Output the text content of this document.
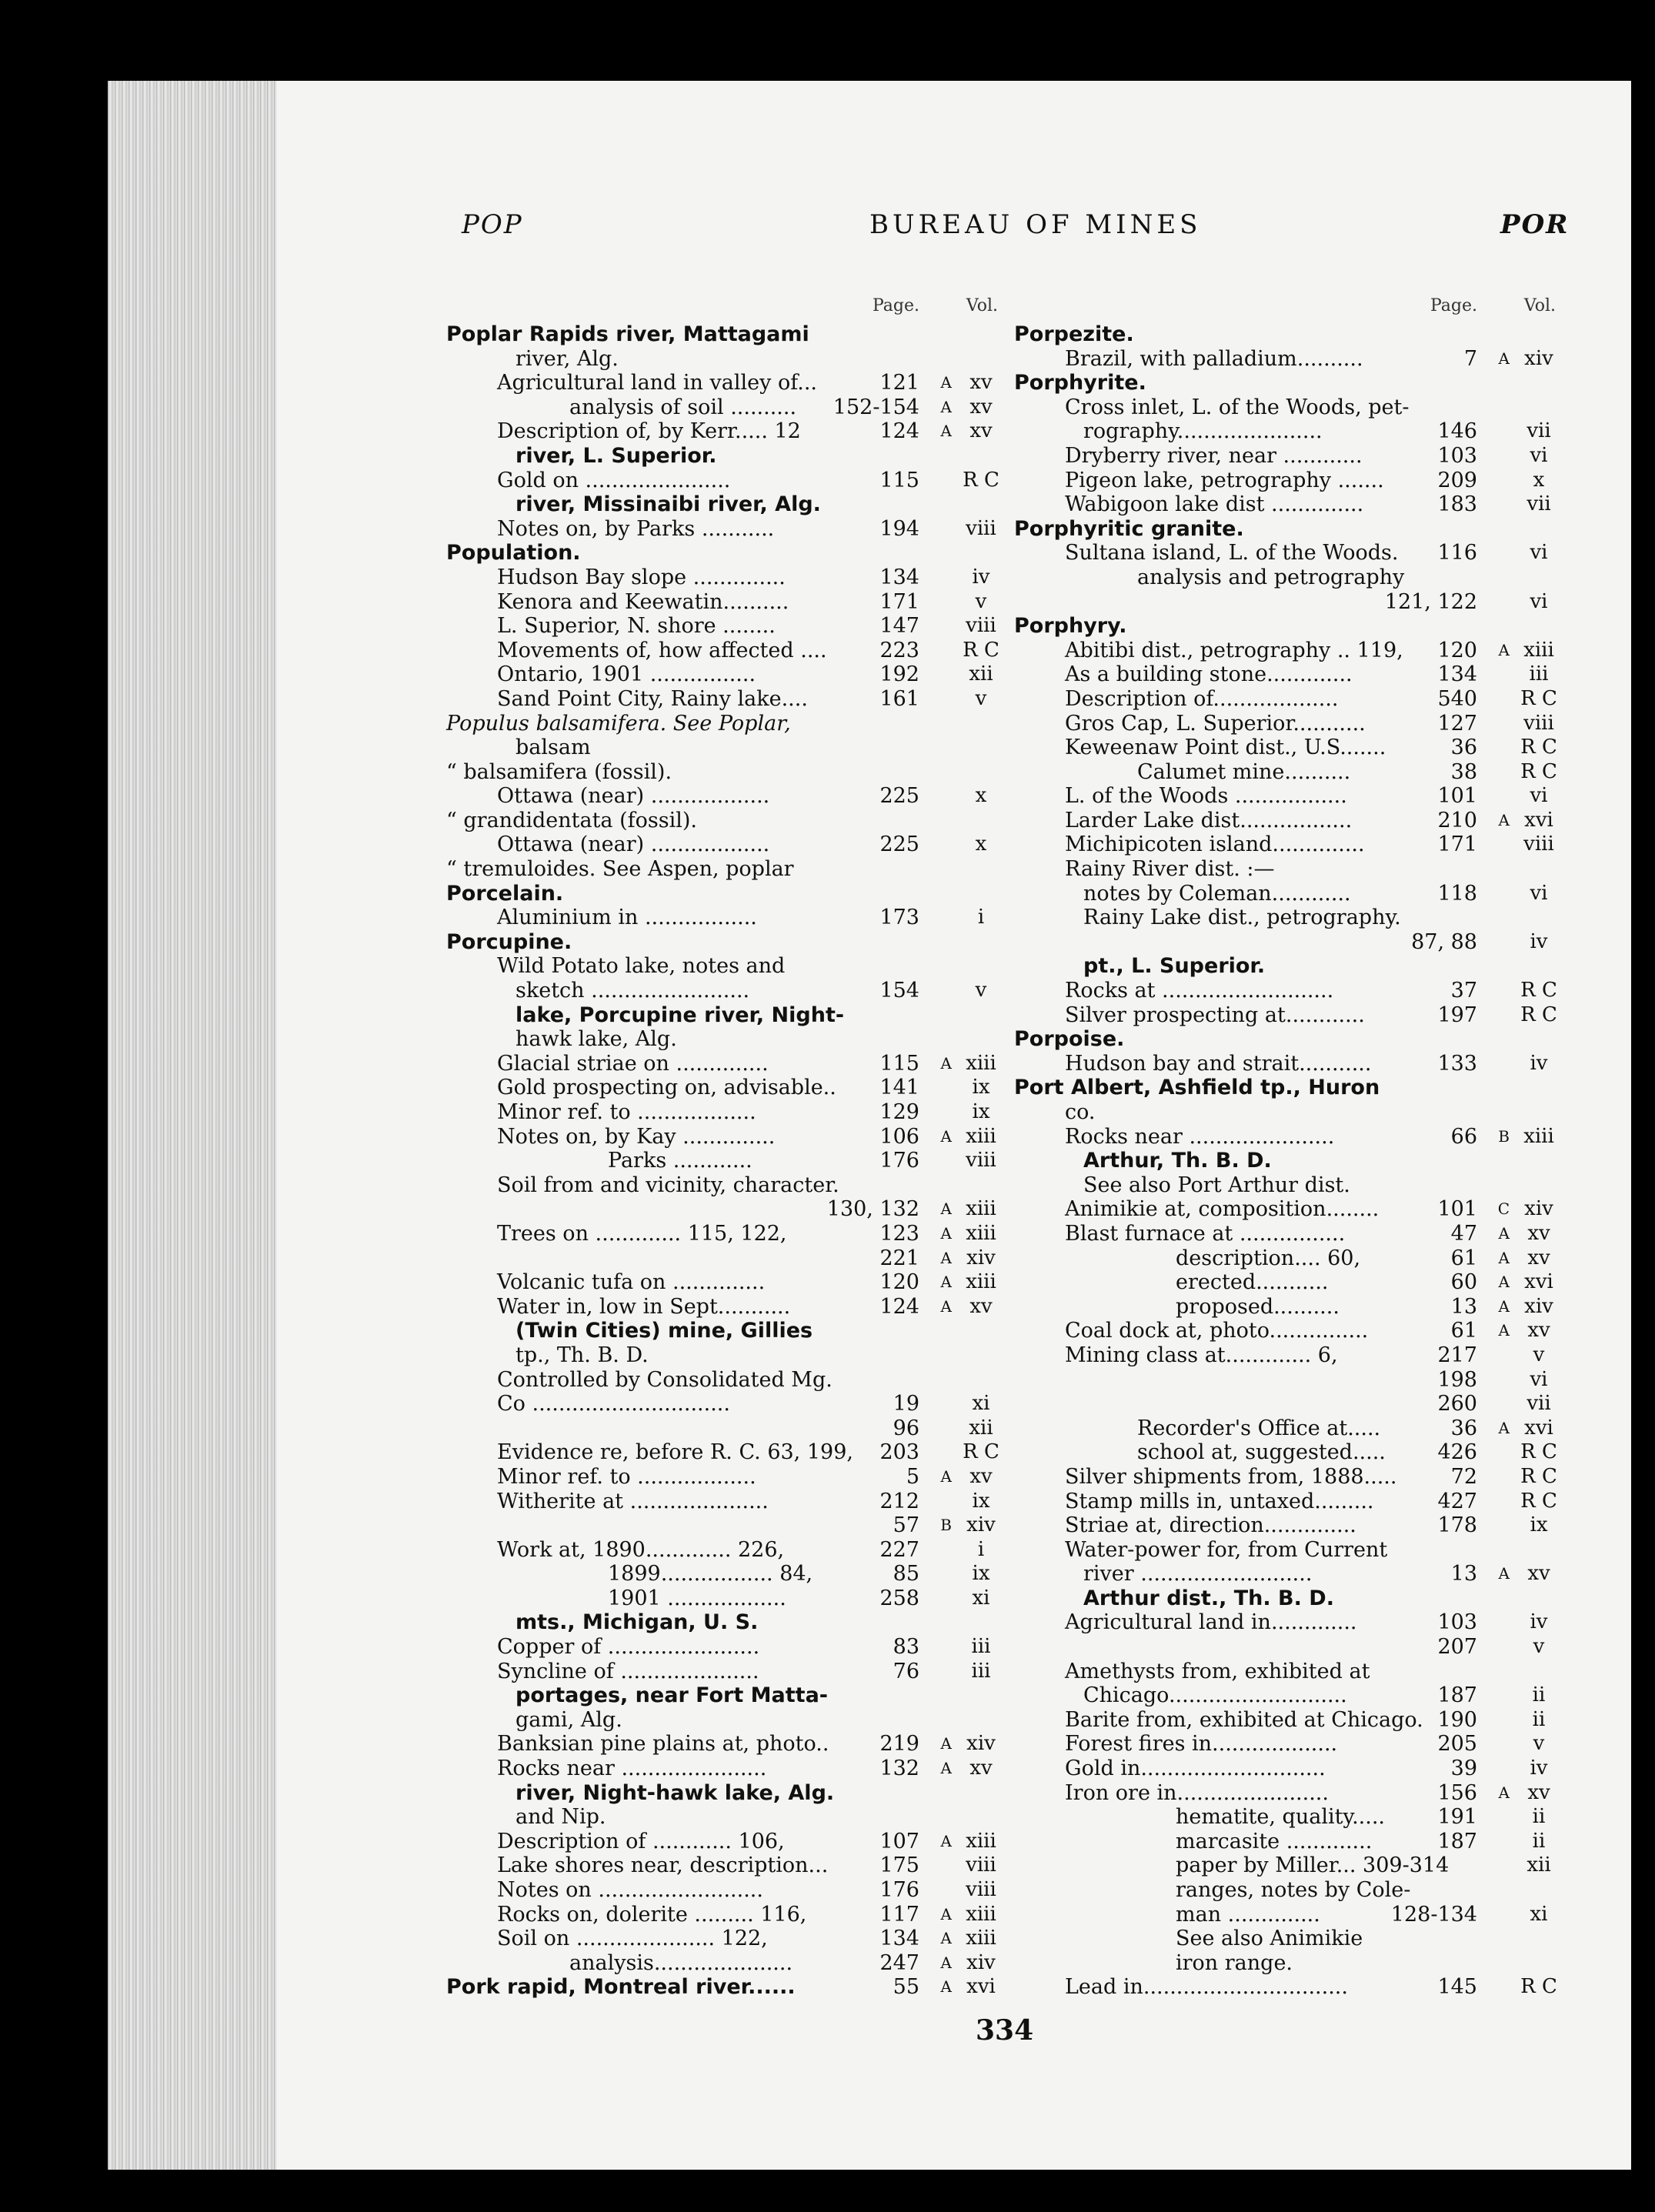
POP	BUREAU OF MINES	POR
Page.	Vol.
Poplar Rapids river, Mattagami
river, Alg.
Agricultural land in valley of...	121 A xv
analysis of soil .......... 152-154 A xv
Description of, by Kerr..... 12	124 A xv
river, L. Superior.
Gold on ......................	115 R C
river, Missinaibi river, Alg.
Notes on, by Parks ...........	194	viii
Population.
Hudson Bay slope ..............	134	iv
Kenora and Keewatin..........	171	v
L. Superior, N. shore ........	147	viii
Movements of, how affected ....	223 R C
Ontario, 1901 ................	192	xii
Sand Point City, Rainy lake....	161	v
Populus balsamifera. See Poplar,
balsam
“ balsamifera (fossil).
Ottawa (near) ..................	225	x
“ grandidentata (fossil).
Ottawa (near) ..................	225	x
“ tremuloides. See Aspen, poplar
Porcelain.
Aluminium in .................	173	i
Porcupine.
Wild Potato lake, notes and
sketch ........................	154	v
lake, Porcupine river, Night-
hawk lake, Alg.
Glacial striae on ..............	115 A xiii
Gold prospecting on, advisable.. 141	ix
Minor ref. to ..................	129	ix
Notes on, by Kay ..............	106 A xiii
Parks ............	176	viii
Soil from and vicinity, character.
130, 132 A xiii
Trees on ............. 115, 122,	123 A xiii
221 A xiv
Volcanic tufa on ..............	120 A xiii
Water in, low in Sept...........	124 A xv
(Twin Cities) mine, Gillies
tp., Th. B. D.
Controlled by Consolidated Mg.
Co ..............................	19	xi
96	xii
Evidence re, before R. C. 63, 199, 203 R C
Minor ref. to ..................	5 A xv
Witherite at .....................	212	ix
57 B xiv
Work at, 1890............. 226,	227	i
1899................. 84,	85	ix
1901 ..................	258	xi
mts., Michigan, U. S.
Copper of .......................	83	iii
Syncline of .....................	76	iii
portages, near Fort Matta-
gami, Alg.
Banksian pine plains at, photo.. 219 A xiv
Rocks near ......................	132 A xv
river, Night-hawk lake, Alg.
and Nip.
Description of ............ 106,	107 A xiii
Lake shores near, description... 175	viii
Notes on .........................	176	viii
Rocks on, dolerite ......... 116,	117 A xiii
Soil on ..................... 122,	134 A xiii
analysis.....................	247 A xiv
Pork rapid, Montreal river......	55 A xvi
Page.	Vol.
Porpezite.
Brazil, with palladium..........	7 A xiv
Porphyrite.
Cross inlet, L. of the Woods, pet-
rography......................	146	vii
Dryberry river, near ............	103	vi
Pigeon lake, petrography .......	209	x
Wabigoon lake dist ..............	183	vii
Porphyritic granite.
Sultana island, L. of the Woods. 116	vi
analysis and petrography
121, 122	vi
Porphyry.
Abitibi dist., petrography .. 119, 120 A xiii
As a building stone.............	134	iii
Description of...................	540 R C
Gros Cap, L. Superior...........	127	viii
Keweenaw Point dist., U.S.......	36 R C
Calumet mine..........	38 R C
L. of the Woods .................	101	vi
Larder Lake dist.................	210 A xvi
Michipicoten island..............	171	viii
Rainy River dist. :—
notes by Coleman............	118	vi
Rainy Lake dist., petrography.
87, 88	iv
pt., L. Superior.
Rocks at ..........................	37 R C
Silver prospecting at............	197 R C
Porpoise.
Hudson bay and strait...........	133	iv
Port Albert, Ashfield tp., Huron
co.
Rocks near ......................	66 B xiii
Arthur, Th. B. D.
See also Port Arthur dist.
Animikie at, composition........	101 C xiv
Blast furnace at ................	47 A xv
description.... 60,	61 A xv
erected...........	60 A xvi
proposed..........	13 A xiv
Coal dock at, photo...............	61 A xv
Mining class at............. 6,	217	v
198	vi
260	vii
Recorder's Office at.....	36 A xvi
school at, suggested.....	426 R C
Silver shipments from, 1888.....	72 R C
Stamp mills in, untaxed.........	427 R C
Striae at, direction..............	178	ix
Water-power for, from Current
river ..........................	13 A xv
Arthur dist., Th. B. D.
Agricultural land in.............	103	iv
207	v
Amethysts from, exhibited at
Chicago...........................	187	ii
Barite from, exhibited at Chicago. 190	ii
Forest fires in...................	205	v
Gold in............................	39	iv
Iron ore in.......................	156 A xv
hematite, quality.....	191	ii
marcasite .............	187	ii
paper by Miller... 309-314	xii
ranges, notes by Cole-
man ..............	128-134	xi
See also Animikie
iron range.
Lead in...............................	145 R C
334
